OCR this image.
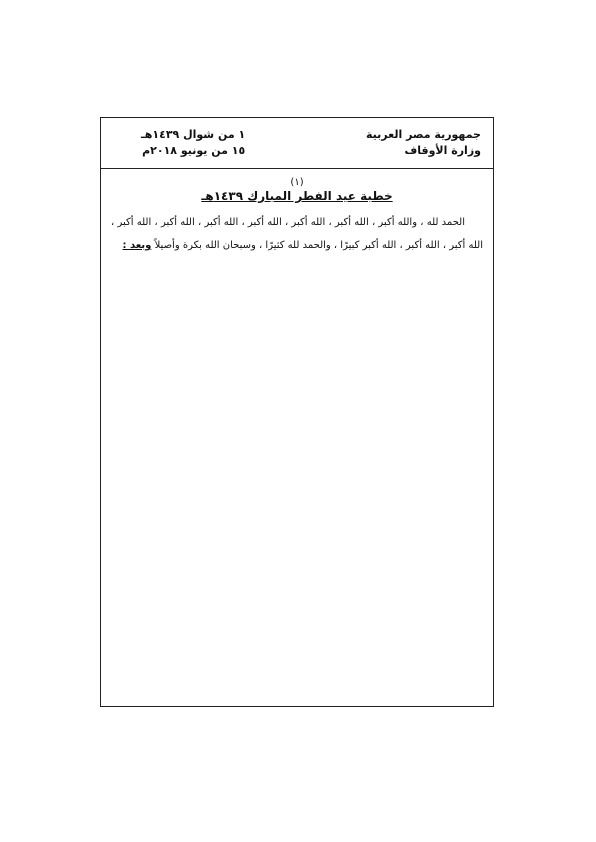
جمهورية مصر العربية
وزارة الأوقاف
١ من شوال ١٤٣٩هـ
١٥ من يونيو ٢٠١٨م
(١)
خطبة عيد الفطر المبارك ١٤٣٩هـ

الحمد لله ، والله أكبر ، الله أكبر ، الله أكبر ، الله أكبر ، الله أكبر ، الله أكبر ، الله أكبر ، الله أكبر ، الله أكبر ، الله أكبر كبيرًا ، والحمد لله كثيرًا ، وسبحان الله بكرة وأصيلاً وبعد :
